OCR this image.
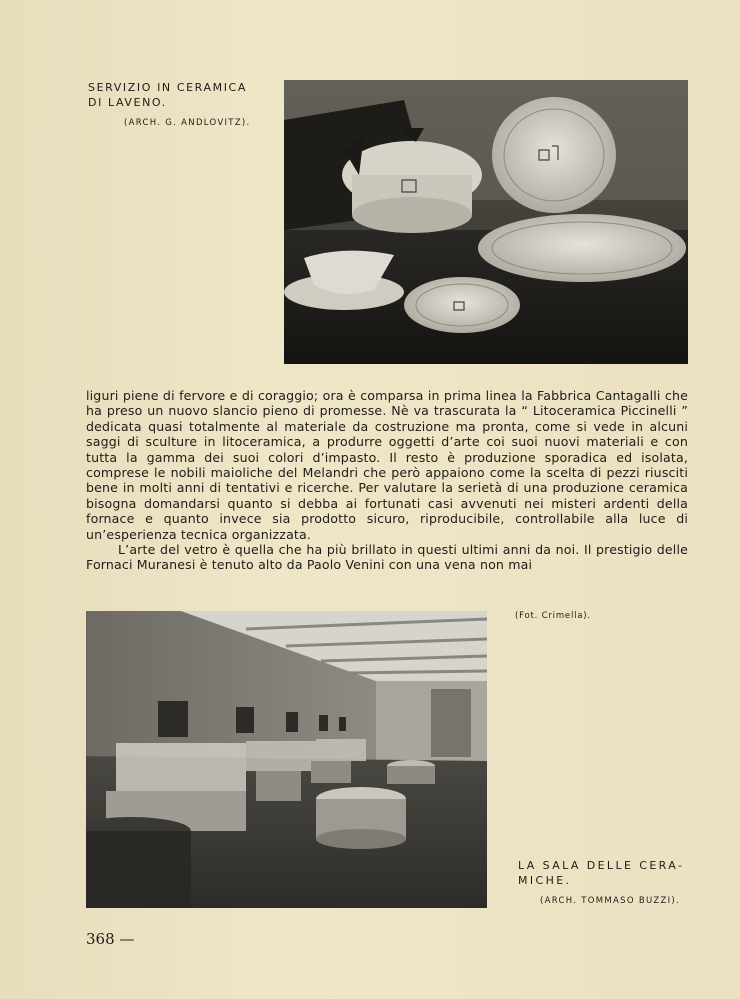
SERVIZIO IN CERAMICA
DI LAVENO.
(ARCH. G. ANDLOVITZ).

liguri piene di fervore e di coraggio; ora è comparsa in prima linea la Fabbrica Cantagalli che ha preso un nuovo slancio pieno di promesse. Nè va trascurata la “ Litoceramica Piccinelli ” dedicata quasi totalmente al materiale da costruzione ma pronta, come si vede in alcuni saggi di sculture in litoceramica, a produrre oggetti d’arte coi suoi nuovi materiali e con tutta la gamma dei suoi colori d’impasto. Il resto è produzione sporadica ed isolata, comprese le nobili maioliche del Melandri che però appaiono come la scelta di pezzi riusciti bene in molti anni di tentativi e ricerche. Per valutare la serietà di una produzione ceramica bisogna domandarsi quanto si debba ai fortunati casi avvenuti nei misteri ardenti della fornace e quanto invece sia prodotto sicuro, riproducibile, controllabile alla luce di un’esperienza tecnica organizzata.

L’arte del vetro è quella che ha più brillato in questi ultimi anni da noi. Il prestigio delle Fornaci Muranesi è tenuto alto da Paolo Venini con una vena non mai

(Fot. Crimella).
LA SALA DELLE CERA-
MICHE.
(ARCH. TOMMASO BUZZI).
368 —
